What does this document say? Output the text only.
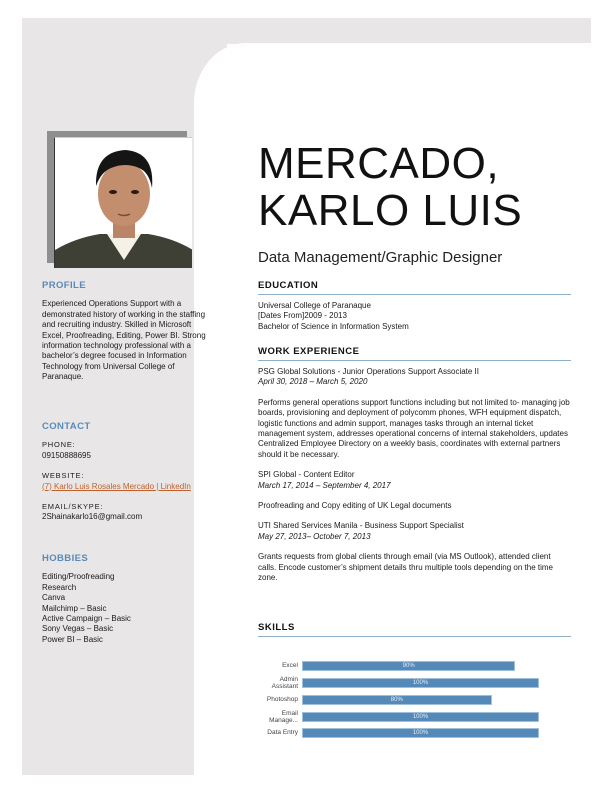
PROFILE
Experienced Operations Support with a demonstrated history of working in the staffing and recruiting industry. Skilled in Microsoft Excel, Proofreading, Editing, Power BI. Strong information technology professional with a bachelor’s degree focused in Information Technology from Universal College of Paranaque.
CONTACT
PHONE:
09150888695
WEBSITE:
(7) Karlo Luis Rosales Mercado | LinkedIn
EMAIL/SKYPE:
2Shainakarlo16@gmail.com
HOBBIES
Editing/Proofreading
Research
Canva
Mailchimp – Basic
Active Campaign – Basic
Sony Vegas – Basic
Power BI – Basic
MERCADO,
KARLO LUIS
Data Management/Graphic Designer
EDUCATION
Universal College of Paranaque
[Dates From]2009 - 2013
Bachelor of Science in Information System
WORK EXPERIENCE
PSG Global Solutions - Junior Operations Support Associate II
April 30, 2018 – March 5, 2020
Performs general operations support functions including but not limited to- managing job boards, provisioning and deployment of polycomm phones, WFH equipment dispatch, logistic functions and admin support, manages tasks through an internal ticket management system, addresses operational concerns of internal stakeholders, updates Centralized Employee Directory on a weekly basis, coordinates with external partners should it be necessary.
SPI Global - Content Editor
March 17, 2014 – September 4, 2017
Proofreading and Copy editing of UK Legal documents
UTI Shared Services Manila - Business Support Specialist
May 27, 2013– October 7, 2013
Grants requests from global clients through email (via MS Outlook), attended client calls. Encode customer’s shipment details thru multiple tools depending on the time zone.
SKILLS
Excel	90%
Admin Assistant	100%
Photoshop	80%
Email Manage...	100%
Data Entry	100%
